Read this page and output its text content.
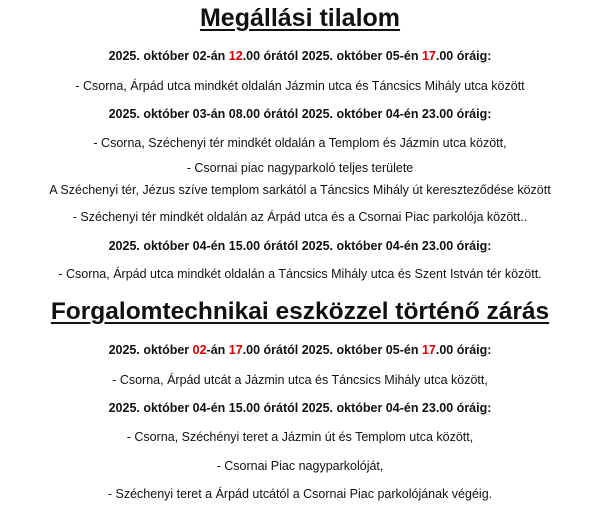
Megállási tilalom
2025. október 02-án 12.00 órától 2025. október 05-én 17.00 óráig:
- Csorna, Árpád utca mindkét oldalán Jázmin utca és Táncsics Mihály utca között
2025. október 03-án 08.00 órától 2025. október 04-én 23.00 óráig:
- Csorna, Széchenyi tér mindkét oldalán a Templom és Jázmin utca között,
- Csornai piac nagyparkoló teljes területe
A Széchenyi tér, Jézus szíve templom sarkától a Táncsics Mihály út kereszteződése között
- Széchenyi tér mindkét oldalán az Árpád utca és a Csornai Piac parkolója között..
2025. október 04-én 15.00 órától 2025. október 04-én 23.00 óráig:
- Csorna, Árpád utca mindkét oldalán a Táncsics Mihály utca és Szent István tér között.
Forgalomtechnikai eszközzel történő zárás
2025. október 02-án 17.00 órától 2025. október 05-én 17.00 óráig:
- Csorna, Árpád utcát a Jázmin utca és Táncsics Mihály utca között,
2025. október 04-én 15.00 órától 2025. október 04-én 23.00 óráig:
- Csorna, Széchényi teret a Jázmin út és Templom utca között,
- Csornai Piac nagyparkolóját,
- Széchenyi teret a Árpád utcától a Csornai Piac parkolójának végéig.
